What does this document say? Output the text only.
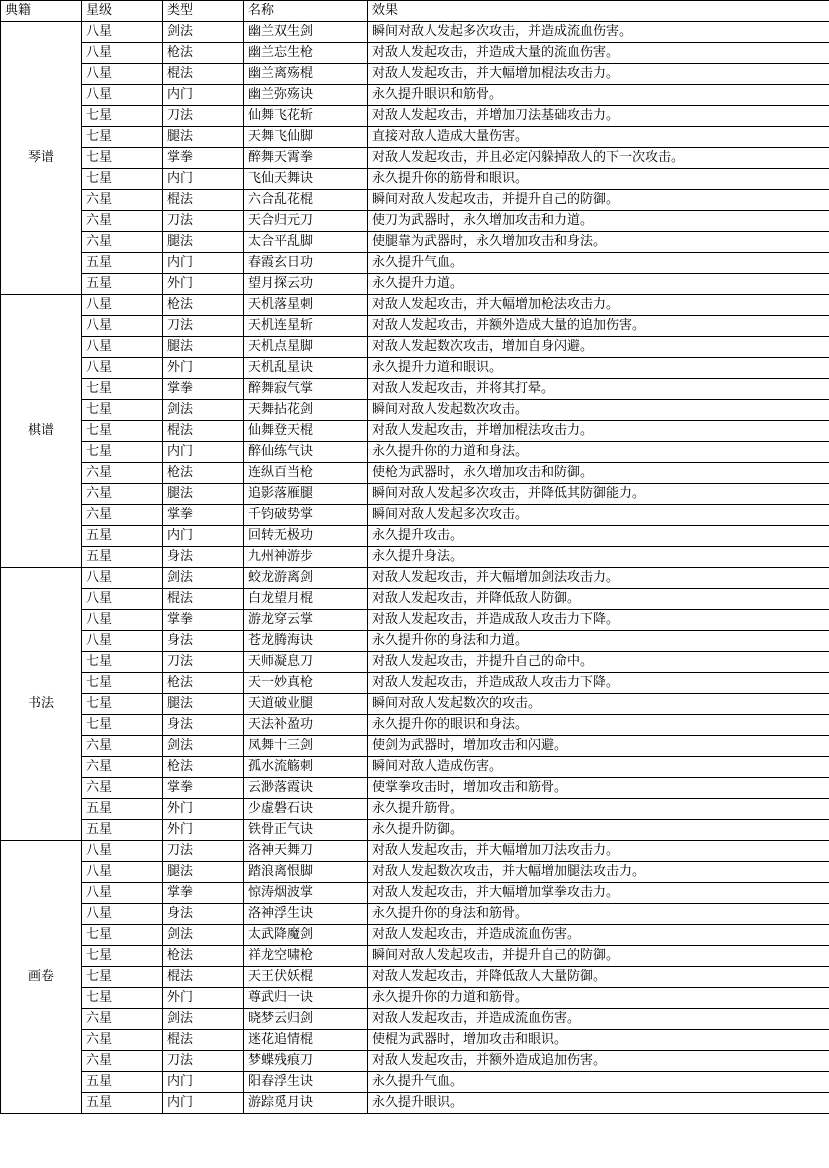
典籍	星级	类型	名称	效果
琴谱	八星	剑法	幽兰双生剑	瞬间对敌人发起多次攻击，并造成流血伤害。
	八星	枪法	幽兰忘生枪	对敌人发起攻击，并造成大量的流血伤害。
	八星	棍法	幽兰离殇棍	对敌人发起攻击，并大幅增加棍法攻击力。
	八星	内门	幽兰弥殇诀	永久提升眼识和筋骨。
	七星	刀法	仙舞飞花斩	对敌人发起攻击，并增加刀法基础攻击力。
	七星	腿法	天舞飞仙脚	直接对敌人造成大量伤害。
	七星	掌拳	醉舞天霄拳	对敌人发起攻击，并且必定闪躲掉敌人的下一次攻击。
	七星	内门	飞仙天舞诀	永久提升你的筋骨和眼识。
	六星	棍法	六合乱花棍	瞬间对敌人发起攻击，并提升自己的防御。
	六星	刀法	天合归元刀	使刀为武器时，永久增加攻击和力道。
	六星	腿法	太合平乱脚	使腿靠为武器时，永久增加攻击和身法。
	五星	内门	春霞玄日功	永久提升气血。
	五星	外门	望月探云功	永久提升力道。
棋谱	八星	枪法	天机落星刺	对敌人发起攻击，并大幅增加枪法攻击力。
	八星	刀法	天机连星斩	对敌人发起攻击，并额外造成大量的追加伤害。
	八星	腿法	天机点星脚	对敌人发起数次攻击，增加自身闪避。
	八星	外门	天机乱星诀	永久提升力道和眼识。
	七星	掌拳	醉舞寂气掌	对敌人发起攻击，并将其打晕。
	七星	剑法	天舞拈花剑	瞬间对敌人发起数次攻击。
	七星	棍法	仙舞登天棍	对敌人发起攻击，并增加棍法攻击力。
	七星	内门	醉仙练气诀	永久提升你的力道和身法。
	六星	枪法	连纵百当枪	使枪为武器时，永久增加攻击和防御。
	六星	腿法	追影落雁腿	瞬间对敌人发起多次攻击，并降低其防御能力。
	六星	掌拳	千钧破势掌	瞬间对敌人发起多次攻击。
	五星	内门	回转无极功	永久提升攻击。
	五星	身法	九州神游步	永久提升身法。
书法	八星	剑法	蛟龙游离剑	对敌人发起攻击，并大幅增加剑法攻击力。
	八星	棍法	白龙望月棍	对敌人发起攻击，并降低敌人防御。
	八星	掌拳	游龙穿云掌	对敌人发起攻击，并造成敌人攻击力下降。
	八星	身法	苍龙腾海诀	永久提升你的身法和力道。
	七星	刀法	天师凝息刀	对敌人发起攻击，并提升自己的命中。
	七星	枪法	天一妙真枪	对敌人发起攻击，并造成敌人攻击力下降。
	七星	腿法	天道破业腿	瞬间对敌人发起数次的攻击。
	七星	身法	天法补盈功	永久提升你的眼识和身法。
	六星	剑法	凤舞十三剑	使剑为武器时，增加攻击和闪避。
	六星	枪法	孤水流觞刺	瞬间对敌人造成伤害。
	六星	掌拳	云渺落霞诀	使掌拳攻击时，增加攻击和筋骨。
	五星	外门	少虚磐石诀	永久提升筋骨。
	五星	外门	铁骨正气诀	永久提升防御。
画卷	八星	刀法	洛神天舞刀	对敌人发起攻击，并大幅增加刀法攻击力。
	八星	腿法	踏浪离恨脚	对敌人发起数次攻击，并大幅增加腿法攻击力。
	八星	掌拳	惊涛烟波掌	对敌人发起攻击，并大幅增加掌拳攻击力。
	八星	身法	洛神浮生诀	永久提升你的身法和筋骨。
	七星	剑法	太武降魔剑	对敌人发起攻击，并造成流血伤害。
	七星	枪法	祥龙空啸枪	瞬间对敌人发起攻击，并提升自己的防御。
	七星	棍法	天王伏妖棍	对敌人发起攻击，并降低敌人大量防御。
	七星	外门	尊武归一诀	永久提升你的力道和筋骨。
	六星	剑法	晓梦云归剑	对敌人发起攻击，并造成流血伤害。
	六星	棍法	迷花追情棍	使棍为武器时，增加攻击和眼识。
	六星	刀法	梦蝶残痕刀	对敌人发起攻击，并额外造成追加伤害。
	五星	内门	阳春浮生诀	永久提升气血。
	五星	内门	游踪觅月诀	永久提升眼识。
